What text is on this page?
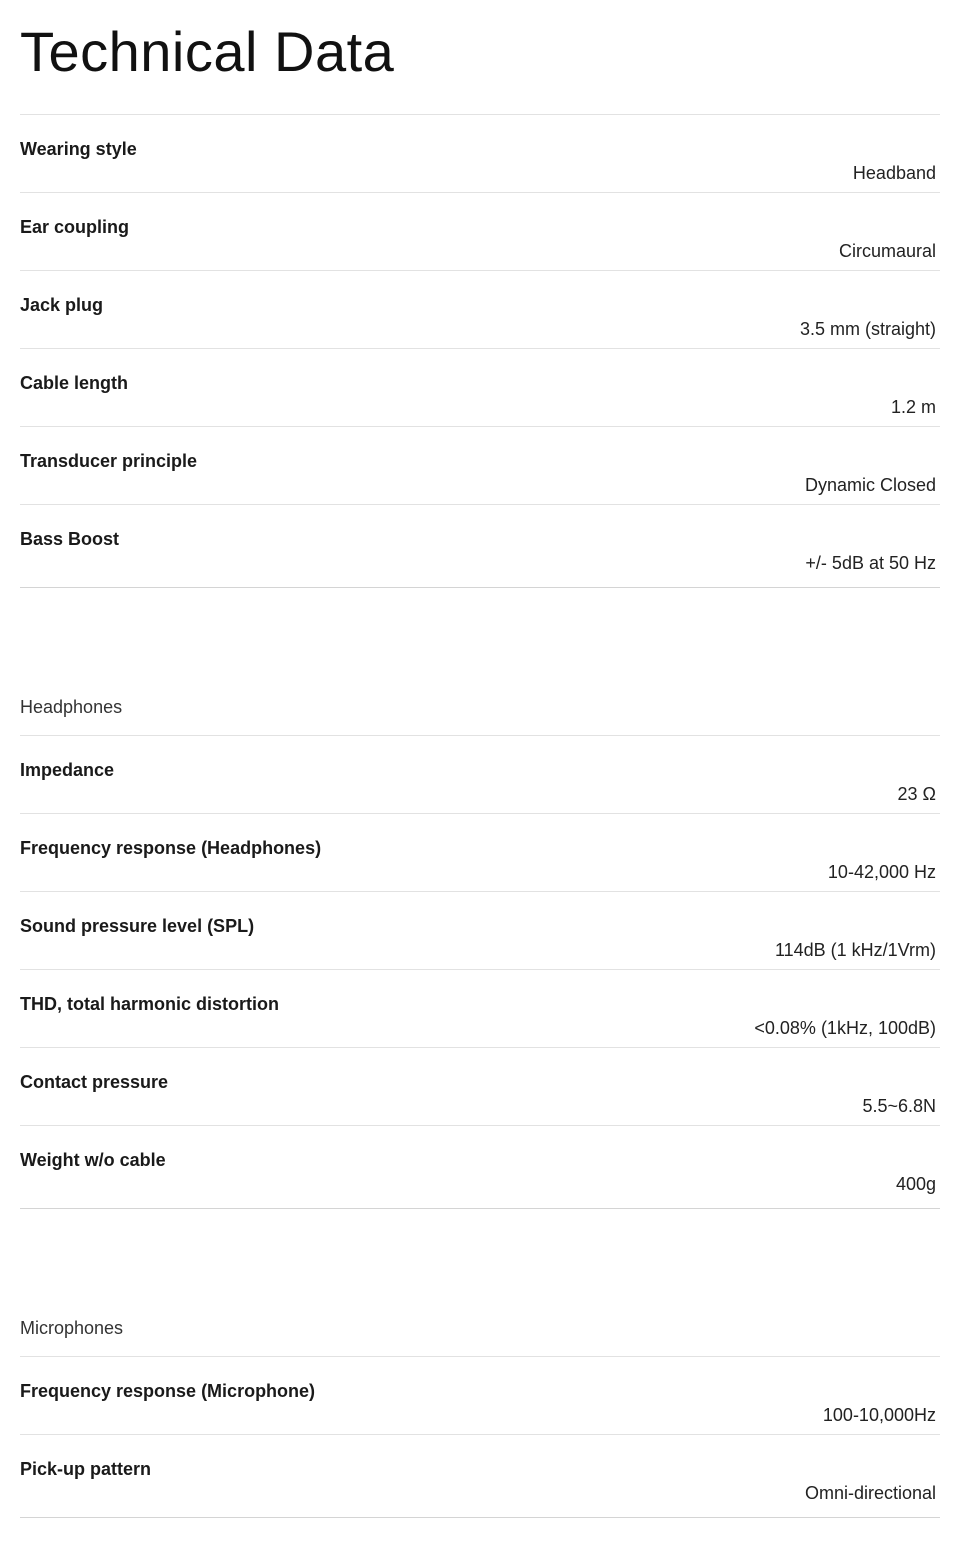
Technical Data
Wearing style
Headband
Ear coupling
Circumaural
Jack plug
3.5 mm (straight)
Cable length
1.2 m
Transducer principle
Dynamic Closed
Bass Boost
+/- 5dB at 50 Hz
Headphones
Impedance
23 Ω
Frequency response (Headphones)
10-42,000 Hz
Sound pressure level (SPL)
114dB (1 kHz/1Vrm)
THD, total harmonic distortion
<0.08% (1kHz, 100dB)
Contact pressure
5.5~6.8N
Weight w/o cable
400g
Microphones
Frequency response (Microphone)
100-10,000Hz
Pick-up pattern
Omni-directional
